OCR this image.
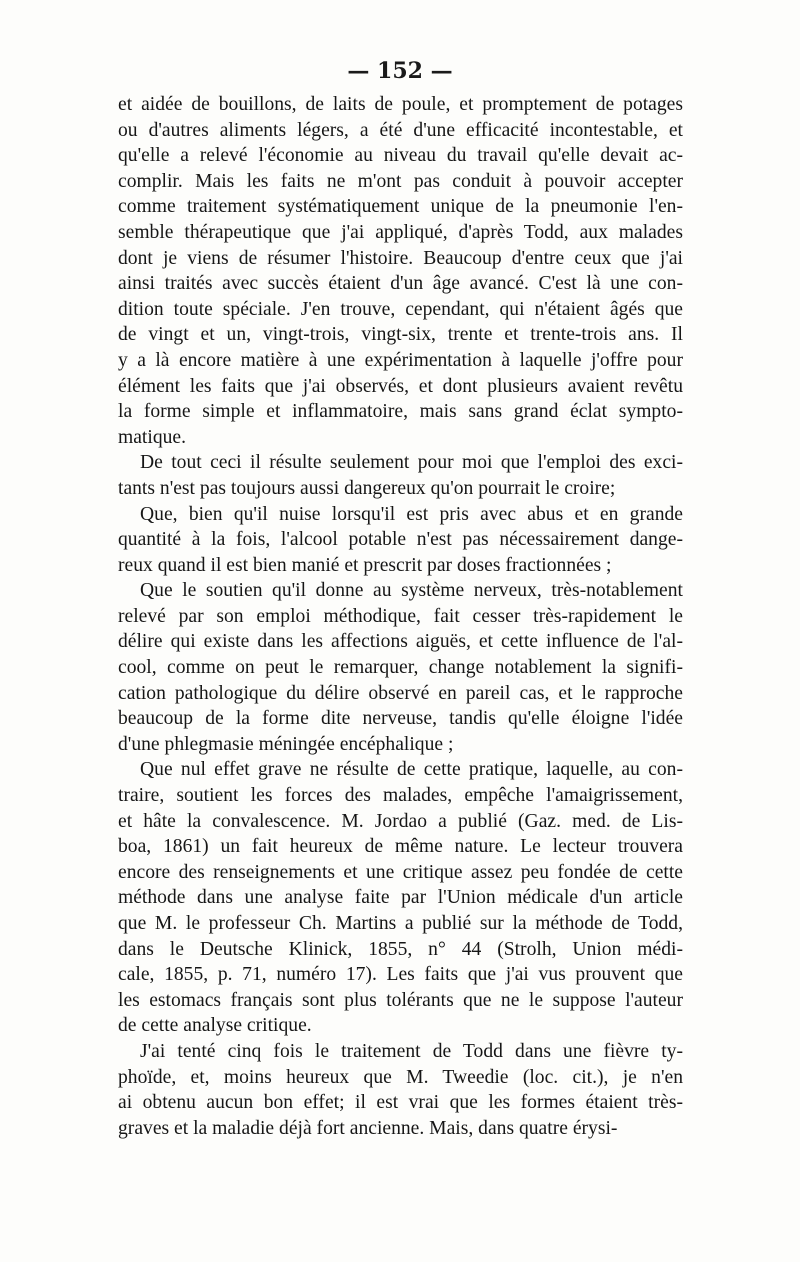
— 152 —

et aidée de bouillons, de laits de poule, et promptement de potages
ou d'autres aliments légers, a été d'une efficacité incontestable, et
qu'elle a relevé l'économie au niveau du travail qu'elle devait ac-
complir. Mais les faits ne m'ont pas conduit à pouvoir accepter
comme traitement systématiquement unique de la pneumonie l'en-
semble thérapeutique que j'ai appliqué, d'après Todd, aux malades
dont je viens de résumer l'histoire. Beaucoup d'entre ceux que j'ai
ainsi traités avec succès étaient d'un âge avancé. C'est là une con-
dition toute spéciale. J'en trouve, cependant, qui n'étaient âgés que
de vingt et un, vingt-trois, vingt-six, trente et trente-trois ans. Il
y a là encore matière à une expérimentation à laquelle j'offre pour
élément les faits que j'ai observés, et dont plusieurs avaient revêtu
la forme simple et inflammatoire, mais sans grand éclat sympto-
matique.

De tout ceci il résulte seulement pour moi que l'emploi des exci-
tants n'est pas toujours aussi dangereux qu'on pourrait le croire;

Que, bien qu'il nuise lorsqu'il est pris avec abus et en grande
quantité à la fois, l'alcool potable n'est pas nécessairement dange-
reux quand il est bien manié et prescrit par doses fractionnées ;

Que le soutien qu'il donne au système nerveux, très-notablement
relevé par son emploi méthodique, fait cesser très-rapidement le
délire qui existe dans les affections aiguës, et cette influence de l'al-
cool, comme on peut le remarquer, change notablement la signifi-
cation pathologique du délire observé en pareil cas, et le rapproche
beaucoup de la forme dite nerveuse, tandis qu'elle éloigne l'idée
d'une phlegmasie méningée encéphalique ;

Que nul effet grave ne résulte de cette pratique, laquelle, au con-
traire, soutient les forces des malades, empêche l'amaigrissement,
et hâte la convalescence. M. Jordao a publié (Gaz. med. de Lis-
boa, 1861) un fait heureux de même nature. Le lecteur trouvera
encore des renseignements et une critique assez peu fondée de cette
méthode dans une analyse faite par l'Union médicale d'un article
que M. le professeur Ch. Martins a publié sur la méthode de Todd,
dans le Deutsche Klinick, 1855, n° 44 (Strolh, Union médi-
cale, 1855, p. 71, numéro 17). Les faits que j'ai vus prouvent que
les estomacs français sont plus tolérants que ne le suppose l'auteur
de cette analyse critique.

J'ai tenté cinq fois le traitement de Todd dans une fièvre ty-
phoïde, et, moins heureux que M. Tweedie (loc. cit.), je n'en
ai obtenu aucun bon effet; il est vrai que les formes étaient très-
graves et la maladie déjà fort ancienne. Mais, dans quatre érysi-
